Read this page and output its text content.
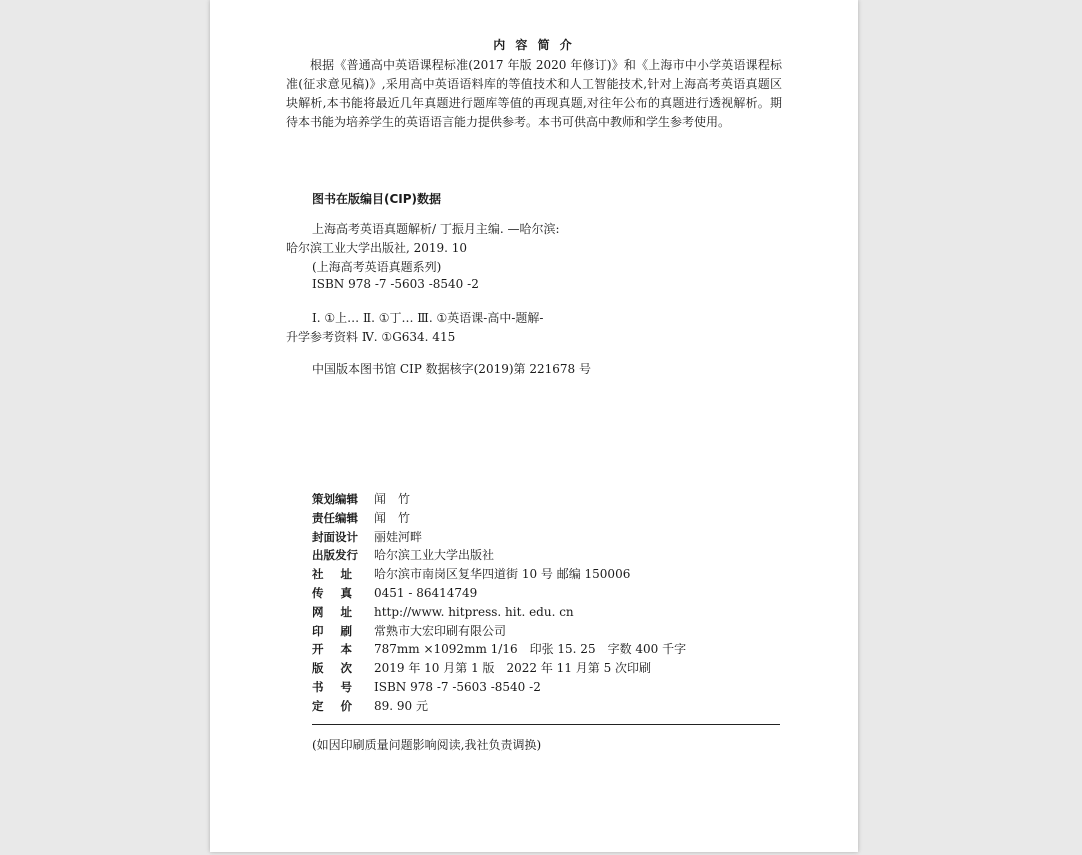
内 容 简 介

根据《普通高中英语课程标准(2017 年版 2020 年修订)》和《上海市中小学英语课程标准(征求意见稿)》,采用高中英语语料库的等值技术和人工智能技术,针对上海高考英语真题区块解析,本书能将最近几年真题进行题库等值的再现真题,对往年公布的真题进行透视解析。期待本书能为培养学生的英语语言能力提供参考。本书可供高中教师和学生参考使用。

图书在版编目(CIP)数据
上海高考英语真题解析/ 丁振月主编. —哈尔滨:
哈尔滨工业大学出版社, 2019. 10
(上海高考英语真题系列)
ISBN 978 -7 -5603 -8540 -2
Ⅰ. ①上… Ⅱ. ①丁… Ⅲ. ①英语课-高中-题解-
升学参考资料 Ⅳ. ①G634. 415
中国版本图书馆 CIP 数据核字(2019)第 221678 号
策划编辑	闻　竹
责任编辑	闻　竹
封面设计	丽娃河畔
出版发行	哈尔滨工业大学出版社
社址 哈尔滨市南岗区复华四道街 10 号 邮编 150006
传真 0451 - 86414749
网址 http://www. hitpress. hit. edu. cn
印刷 常熟市大宏印刷有限公司
开本 787mm ×1092mm 1/16　印张 15. 25　字数 400 千字
版次 2019 年 10 月第 1 版　2022 年 11 月第 5 次印刷
书号 ISBN 978 -7 -5603 -8540 -2
定价 89. 90 元
(如因印刷质量问题影响阅读,我社负责调换)
